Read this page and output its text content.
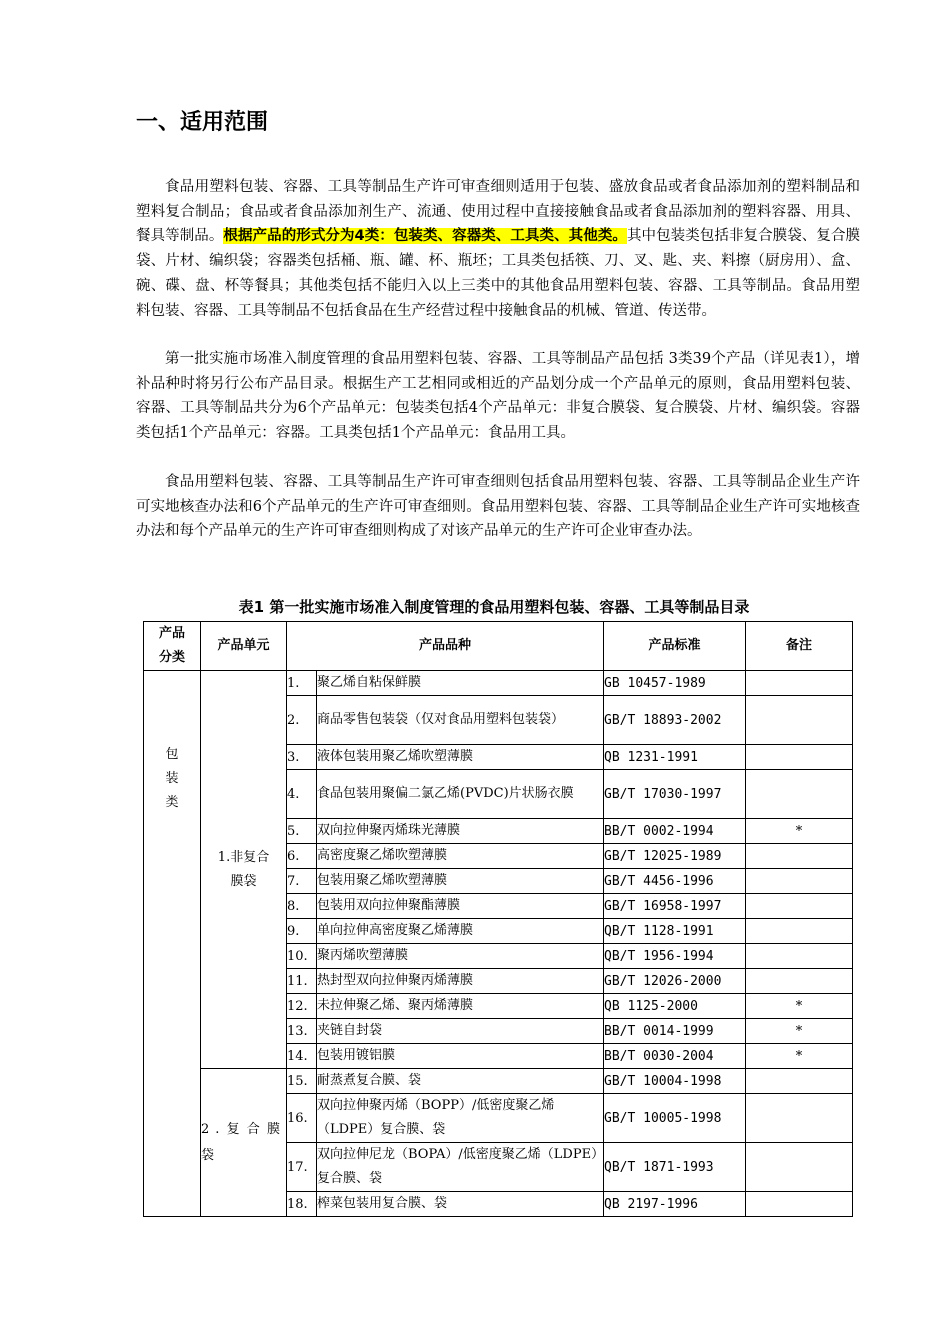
一、适用范围

食品用塑料包装、容器、工具等制品生产许可审查细则适用于包装、盛放食品或者食品添加剂的塑料制品和塑料复合制品；食品或者食品添加剂生产、流通、使用过程中直接接触食品或者食品添加剂的塑料容器、用具、餐具等制品。根据产品的形式分为4类：包装类、容器类、工具类、其他类。其中包装类包括非复合膜袋、复合膜袋、片材、编织袋；容器类包括桶、瓶、罐、杯、瓶坯；工具类包括筷、刀、叉、匙、夹、料擦（厨房用）、盒、碗、碟、盘、杯等餐具；其他类包括不能归入以上三类中的其他食品用塑料包装、容器、工具等制品。食品用塑料包装、容器、工具等制品不包括食品在生产经营过程中接触食品的机械、管道、传送带。

第一批实施市场准入制度管理的食品用塑料包装、容器、工具等制品产品包括 3类39个产品（详见表1），增补品种时将另行公布产品目录。根据生产工艺相同或相近的产品划分成一个产品单元的原则，食品用塑料包装、容器、工具等制品共分为6个产品单元：包装类包括4个产品单元：非复合膜袋、复合膜袋、片材、编织袋。容器类包括1个产品单元：容器。工具类包括1个产品单元：食品用工具。

食品用塑料包装、容器、工具等制品生产许可审查细则包括食品用塑料包装、容器、工具等制品企业生产许可实地核查办法和6个产品单元的生产许可审查细则。食品用塑料包装、容器、工具等制品企业生产许可实地核查办法和每个产品单元的生产许可审查细则构成了对该产品单元的生产许可企业审查办法。

表1 第一批实施市场准入制度管理的食品用塑料包装、容器、工具等制品目录

产品分类	产品单元	产品品种		产品标准	备注

包装类	1.非复合膜袋	1.	聚乙烯自粘保鲜膜	GB 10457-1989	
		2.	商品零售包装袋（仅对食品用塑料包装袋）	GB/T 18893-2002	
		3.	液体包装用聚乙烯吹塑薄膜	QB 1231-1991	
		4.	食品包装用聚偏二氯乙烯(PVDC)片状肠衣膜	GB/T 17030-1997	
		5.	双向拉伸聚丙烯珠光薄膜	BB/T 0002-1994	*
		6.	高密度聚乙烯吹塑薄膜	GB/T 12025-1989	
		7.	包装用聚乙烯吹塑薄膜	GB/T 4456-1996	
		8.	包装用双向拉伸聚酯薄膜	GB/T 16958-1997	
		9.	单向拉伸高密度聚乙烯薄膜	QB/T 1128-1991	
		10.	聚丙烯吹塑薄膜	QB/T 1956-1994	
		11.	热封型双向拉伸聚丙烯薄膜	GB/T 12026-2000	
		12.	未拉伸聚乙烯、聚丙烯薄膜	QB 1125-2000	*
		13.	夹链自封袋	BB/T 0014-1999	*
		14.	包装用镀铝膜	BB/T 0030-2004	*
	2.复合膜袋	15.	耐蒸煮复合膜、袋	GB/T 10004-1998	
		16.	双向拉伸聚丙烯（BOPP）/低密度聚乙烯（LDPE）复合膜、袋	GB/T 10005-1998	
		17.	双向拉伸尼龙（BOPA）/低密度聚乙烯（LDPE）复合膜、袋	QB/T 1871-1993	
		18.	榨菜包装用复合膜、袋	QB 2197-1996	
